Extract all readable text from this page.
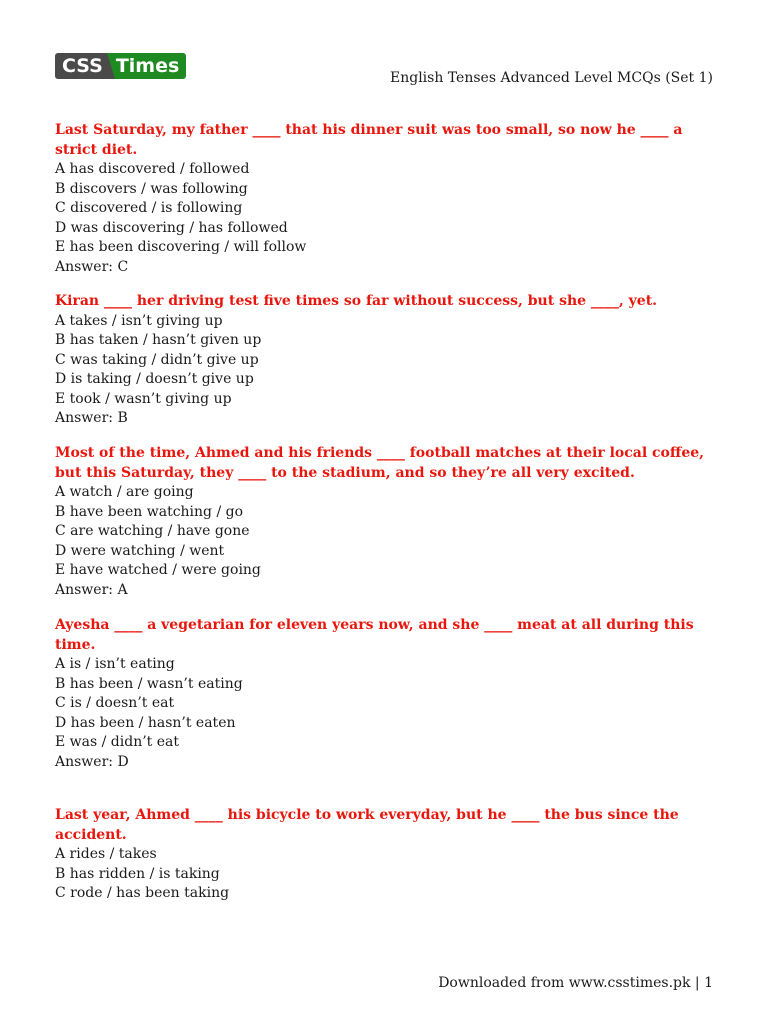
CSS Times
English Tenses Advanced Level MCQs (Set 1)

Last Saturday, my father ____ that his dinner suit was too small, so now he ____ a strict diet.

A has discovered / followed

B discovers / was following

C discovered / is following

D was discovering / has followed

E has been discovering / will follow

Answer: C

Kiran ____ her driving test five times so far without success, but she ____, yet.

A takes / isn’t giving up

B has taken / hasn’t given up

C was taking / didn’t give up

D is taking / doesn’t give up

E took / wasn’t giving up

Answer: B

Most of the time, Ahmed and his friends ____ football matches at their local coffee, but this Saturday, they ____ to the stadium, and so they’re all very excited.

A watch / are going

B have been watching / go

C are watching / have gone

D were watching / went

E have watched / were going

Answer: A

Ayesha ____ a vegetarian for eleven years now, and she ____ meat at all during this time.

A is / isn’t eating

B has been / wasn’t eating

C is / doesn’t eat

D has been / hasn’t eaten

E was / didn’t eat

Answer: D

Last year, Ahmed ____ his bicycle to work everyday, but he ____ the bus since the accident.

A rides / takes

B has ridden / is taking

C rode / has been taking

Downloaded from www.csstimes.pk | 1
